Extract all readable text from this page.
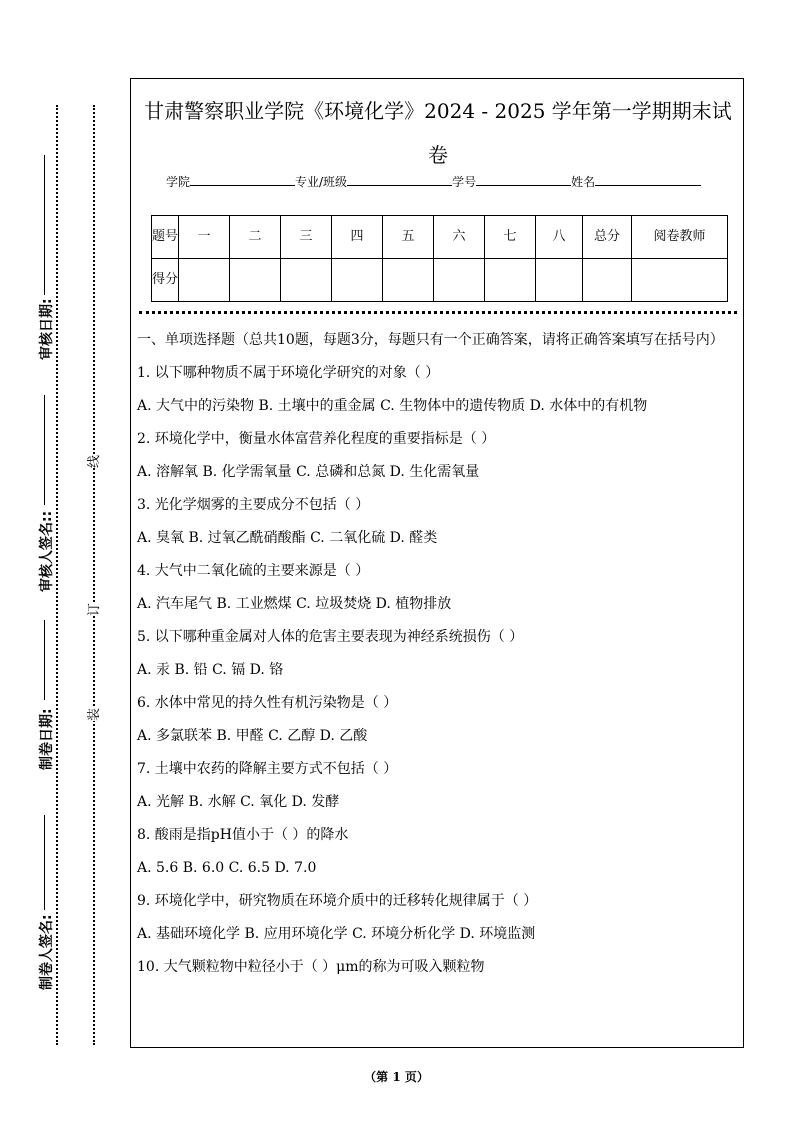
审核日期:
审核人签名::
制卷日期:
制卷人签名:
线
订
装
甘肃警察职业学院《环境化学》2024 - 2025 学年第一学期期末试
卷
学院	专业/班级	学号	姓名
题号	一	二	三	四	五	六	七	八	总分	阅卷教师
得分										

一、单项选择题（总共10题，每题3分，每题只有一个正确答案，请将正确答案填写在括号内）

1. 以下哪种物质不属于环境化学研究的对象（ ）

A. 大气中的污染物 B. 土壤中的重金属 C. 生物体中的遗传物质 D. 水体中的有机物

2. 环境化学中，衡量水体富营养化程度的重要指标是（ ）

A. 溶解氧 B. 化学需氧量 C. 总磷和总氮 D. 生化需氧量

3. 光化学烟雾的主要成分不包括（ ）

A. 臭氧 B. 过氧乙酰硝酸酯 C. 二氧化硫 D. 醛类

4. 大气中二氧化硫的主要来源是（ ）

A. 汽车尾气 B. 工业燃煤 C. 垃圾焚烧 D. 植物排放

5. 以下哪种重金属对人体的危害主要表现为神经系统损伤（ ）

A. 汞 B. 铅 C. 镉 D. 铬

6. 水体中常见的持久性有机污染物是（ ）

A. 多氯联苯 B. 甲醛 C. 乙醇 D. 乙酸

7. 土壤中农药的降解主要方式不包括（ ）

A. 光解 B. 水解 C. 氧化 D. 发酵

8. 酸雨是指pH值小于（ ）的降水

A. 5.6 B. 6.0 C. 6.5 D. 7.0

9. 环境化学中，研究物质在环境介质中的迁移转化规律属于（ ）

A. 基础环境化学 B. 应用环境化学 C. 环境分析化学 D. 环境监测

10. 大气颗粒物中粒径小于（ ）μm的称为可吸入颗粒物

（第 1 页）
